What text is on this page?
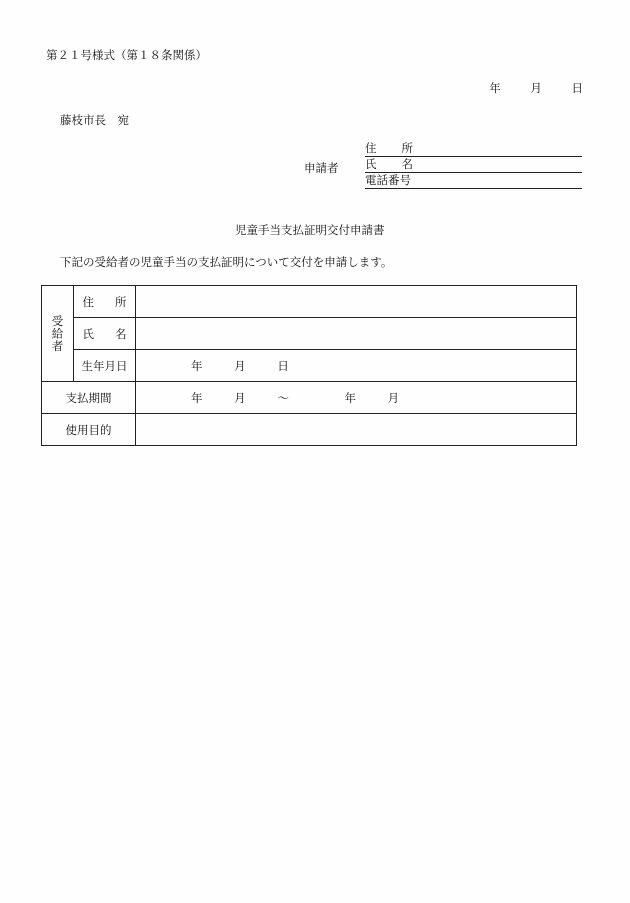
第２１号様式（第１８条関係）
年	月	日
藤枝市長　宛
申請者
住　所
氏　名
電話番号
児童手当支払証明交付申請書
下記の受給者の児童手当の支払証明について交付を申請します。
受給者	住　所	
	氏　名	
	生年月日	年 月 日
支払期間		年 月 ～ 年 月
使用目的		
